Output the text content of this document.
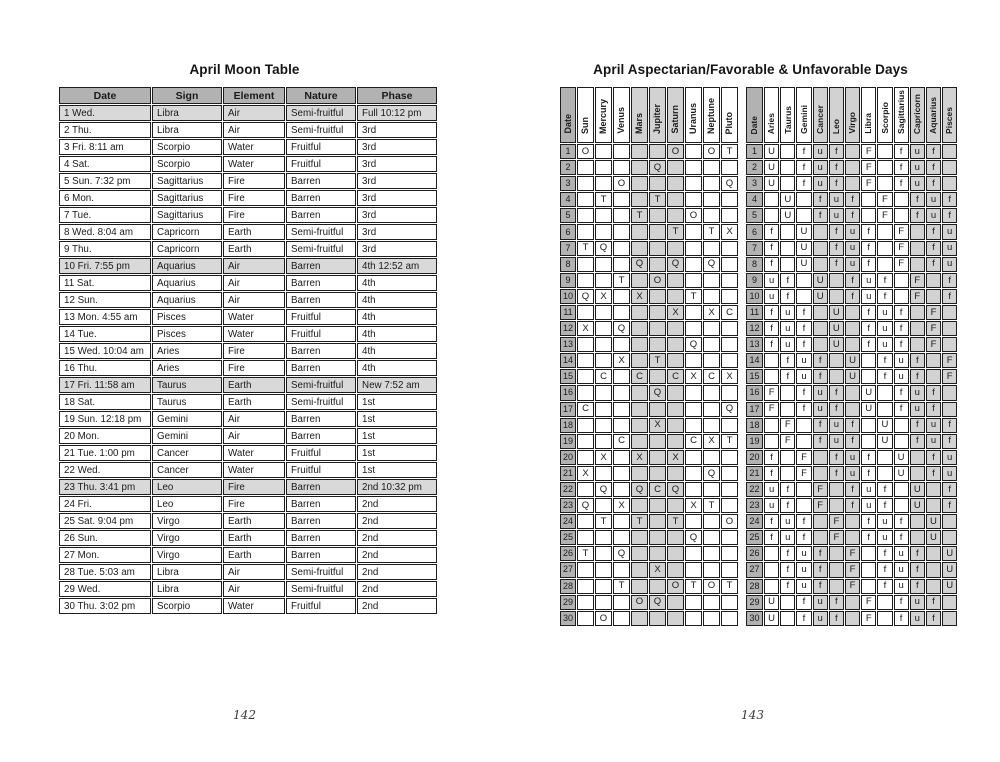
April Moon Table
Date	Sign	Element	Nature	Phase
1 Wed.	Libra	Air	Semi-fruitful	Full 10:12 pm
2 Thu.	Libra	Air	Semi-fruitful	3rd
3 Fri. 8:11 am	Scorpio	Water	Fruitful	3rd
4 Sat.	Scorpio	Water	Fruitful	3rd
5 Sun. 7:32 pm	Sagittarius	Fire	Barren	3rd
6 Mon.	Sagittarius	Fire	Barren	3rd
7 Tue.	Sagittarius	Fire	Barren	3rd
8 Wed. 8:04 am	Capricorn	Earth	Semi-fruitful	3rd
9 Thu.	Capricorn	Earth	Semi-fruitful	3rd
10 Fri. 7:55 pm	Aquarius	Air	Barren	4th 12:52 am
11 Sat.	Aquarius	Air	Barren	4th
12 Sun.	Aquarius	Air	Barren	4th
13 Mon. 4:55 am	Pisces	Water	Fruitful	4th
14 Tue.	Pisces	Water	Fruitful	4th
15 Wed. 10:04 am	Aries	Fire	Barren	4th
16 Thu.	Aries	Fire	Barren	4th
17 Fri. 11:58 am	Taurus	Earth	Semi-fruitful	New 7:52 am
18 Sat.	Taurus	Earth	Semi-fruitful	1st
19 Sun. 12:18 pm	Gemini	Air	Barren	1st
20 Mon.	Gemini	Air	Barren	1st
21 Tue. 1:00 pm	Cancer	Water	Fruitful	1st
22 Wed.	Cancer	Water	Fruitful	1st
23 Thu. 3:41 pm	Leo	Fire	Barren	2nd 10:32 pm
24 Fri.	Leo	Fire	Barren	2nd
25 Sat. 9:04 pm	Virgo	Earth	Barren	2nd
26 Sun.	Virgo	Earth	Barren	2nd
27 Mon.	Virgo	Earth	Barren	2nd
28 Tue. 5:03 am	Libra	Air	Semi-fruitful	2nd
29 Wed.	Libra	Air	Semi-fruitful	2nd
30 Thu. 3:02 pm	Scorpio	Water	Fruitful	2nd
142
April Aspectarian/Favorable & Unfavorable Days
Date	Sun	Mercury	Venus	Mars	Jupiter	Saturn	Uranus	Neptune	Pluto
1	O					O		O	T
2					Q				
3			O						Q
4		T			T				
5				T			O		
6						T		T	X
7	T	Q							
8				Q		Q		Q	
9			T		O				
10	Q	X		X			T		
11						X		X	C
12	X		Q						
13							Q		
14			X		T				
15		C		C		C	X	C	X
16					Q				
17	C								Q
18					X				
19			C				C	X	T
20		X		X		X			
21	X							Q	
22		Q		Q	C	Q			
23	Q		X				X	T	
24		T		T		T			O
25							Q		
26	T		Q						
27					X				
28			T			O	T	O	T
29				O	Q				
30		O							
Date	Aries	Taurus	Gemini	Cancer	Leo	Virgo	Libra	Scorpio	Sagittarius	Capricorn	Aquarius	Pisces
1	U		f	u	f		F		f	u	f	
2	U		f	u	f		F		f	u	f	
3	U		f	u	f		F		f	u	f	
4		U		f	u	f		F		f	u	f
5		U		f	u	f		F		f	u	f
6	f		U		f	u	f		F		f	u
7	f		U		f	u	f		F		f	u
8	f		U		f	u	f		F		f	u
9	u	f		U		f	u	f		F		f
10	u	f		U		f	u	f		F		f
11	f	u	f		U		f	u	f		F	
12	f	u	f		U		f	u	f		F	
13	f	u	f		U		f	u	f		F	
14		f	u	f		U		f	u	f		F
15		f	u	f		U		f	u	f		F
16	F		f	u	f		U		f	u	f	
17	F		f	u	f		U		f	u	f	
18		F		f	u	f		U		f	u	f
19		F		f	u	f		U		f	u	f
20	f		F		f	u	f		U		f	u
21	f		F		f	u	f		U		f	u
22	u	f		F		f	u	f		U		f
23	u	f		F		f	u	f		U		f
24	f	u	f		F		f	u	f		U	
25	f	u	f		F		f	u	f		U	
26		f	u	f		F		f	u	f		U
27		f	u	f		F		f	u	f		U
28		f	u	f		F		f	u	f		U
29	U		f	u	f		F		f	u	f	
30	U		f	u	f		F		f	u	f	
143
